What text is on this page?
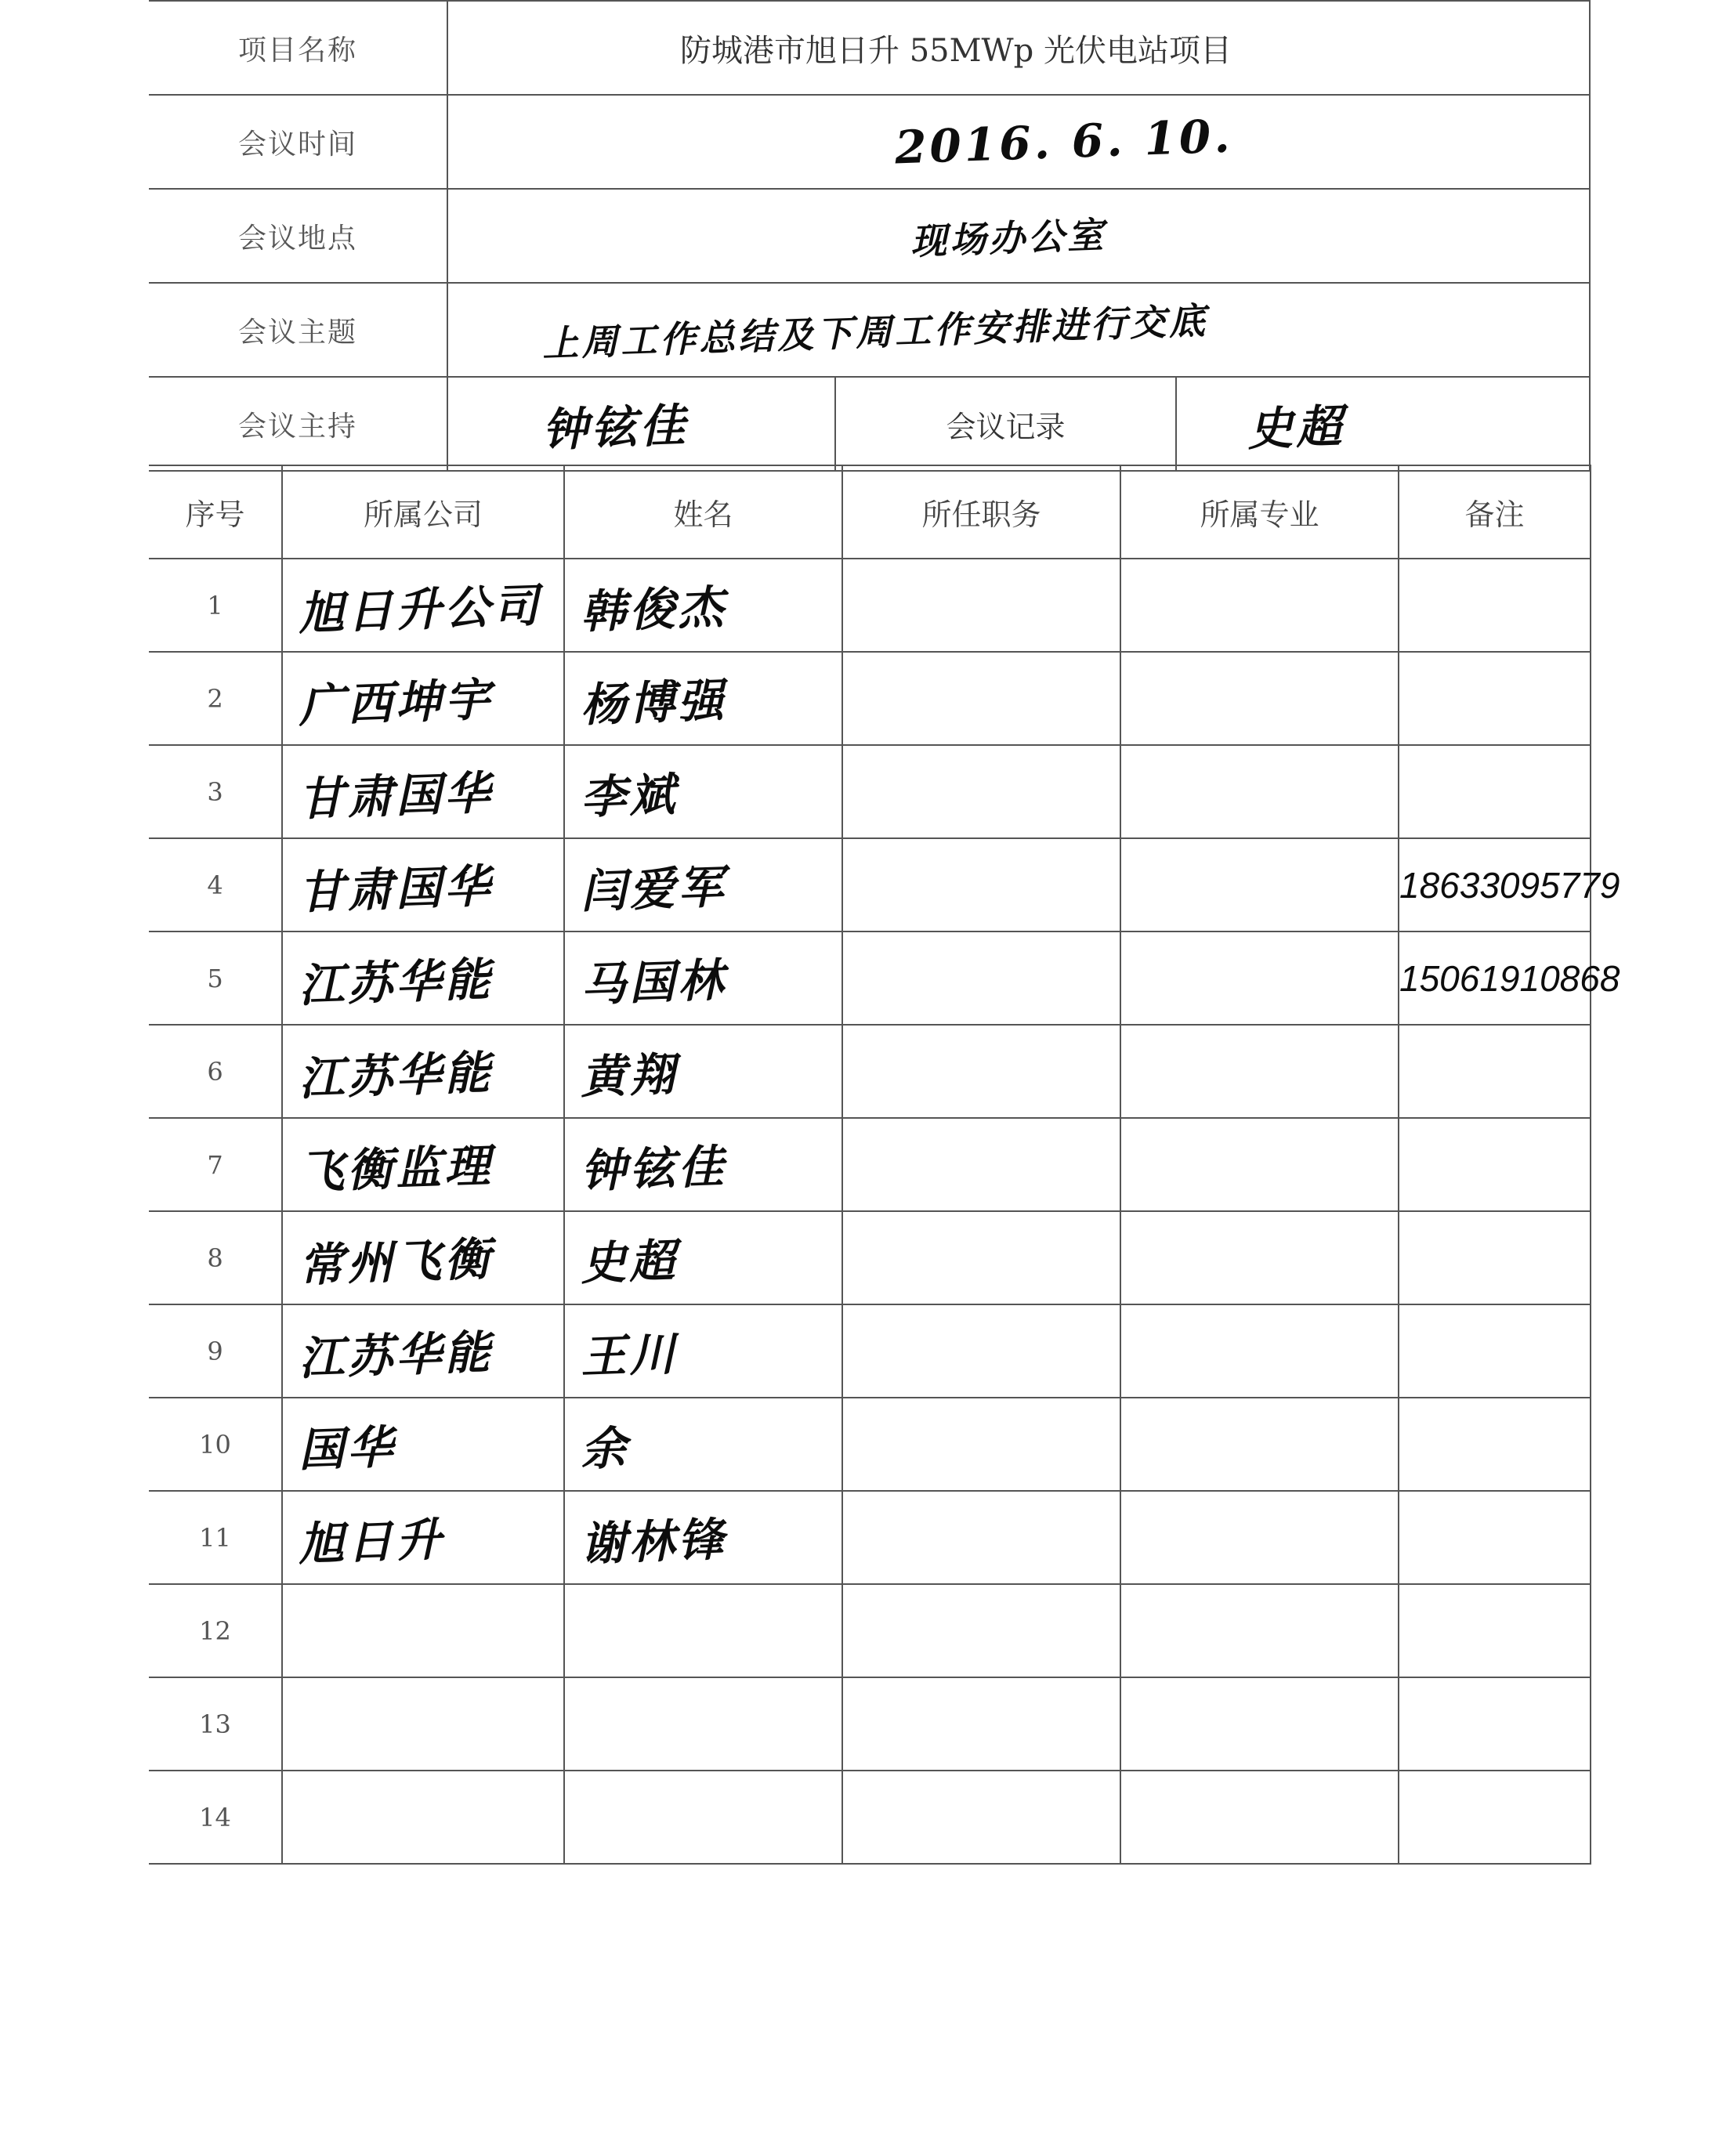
项目名称	防城港市旭日升 55MWp 光伏电站项目

会议时间	2016. 6. 10.
会议地点	现场办公室
会议主题	上周工作总结及下周工作安排进行交底
会议主持	钟铉佳 会议记录 史超
序号	所属公司	姓名	所任职务	所属专业	备注
1	旭日升公司	韩俊杰			
2	广西坤宇	杨博强			
3	甘肃国华	李斌			
4	甘肃国华	闫爱军			18633095779
5	江苏华能	马国林			15061910868
6	江苏华能	黄翔			
7	飞衡监理	钟铉佳			
8	常州飞衡	史超			
9	江苏华能	王川			
10	国华	余			
11	旭日升	谢林锋			
12					
13					
14					
